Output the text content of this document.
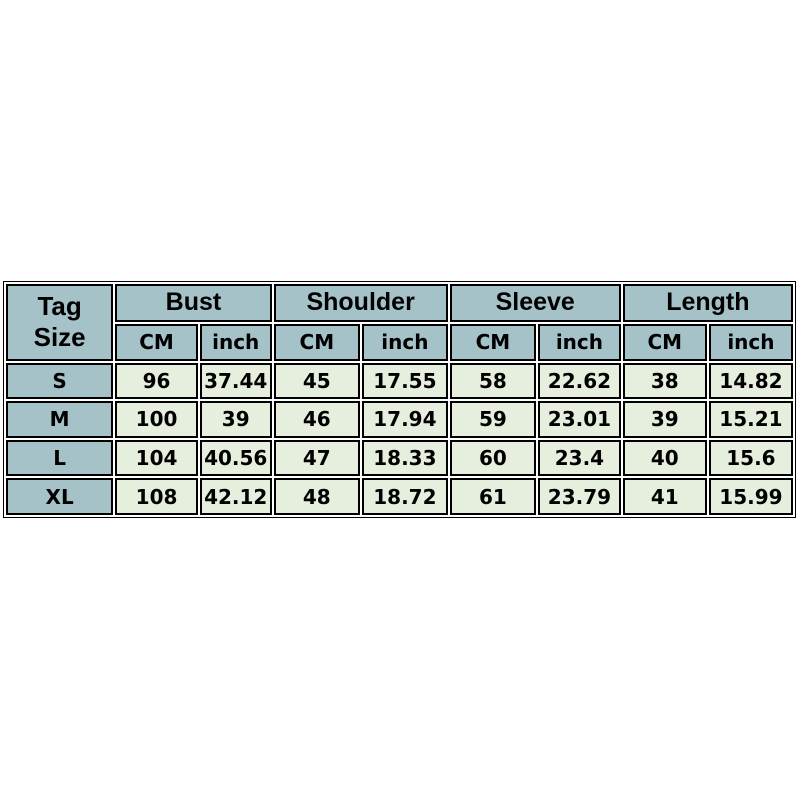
Tag Size	Bust		Shoulder		Sleeve		Length	
	CM	inch	CM	inch	CM	inch	CM	inch
S	96	37.44	45	17.55	58	22.62	38	14.82
M	100	39	46	17.94	59	23.01	39	15.21
L	104	40.56	47	18.33	60	23.4	40	15.6
XL	108	42.12	48	18.72	61	23.79	41	15.99
